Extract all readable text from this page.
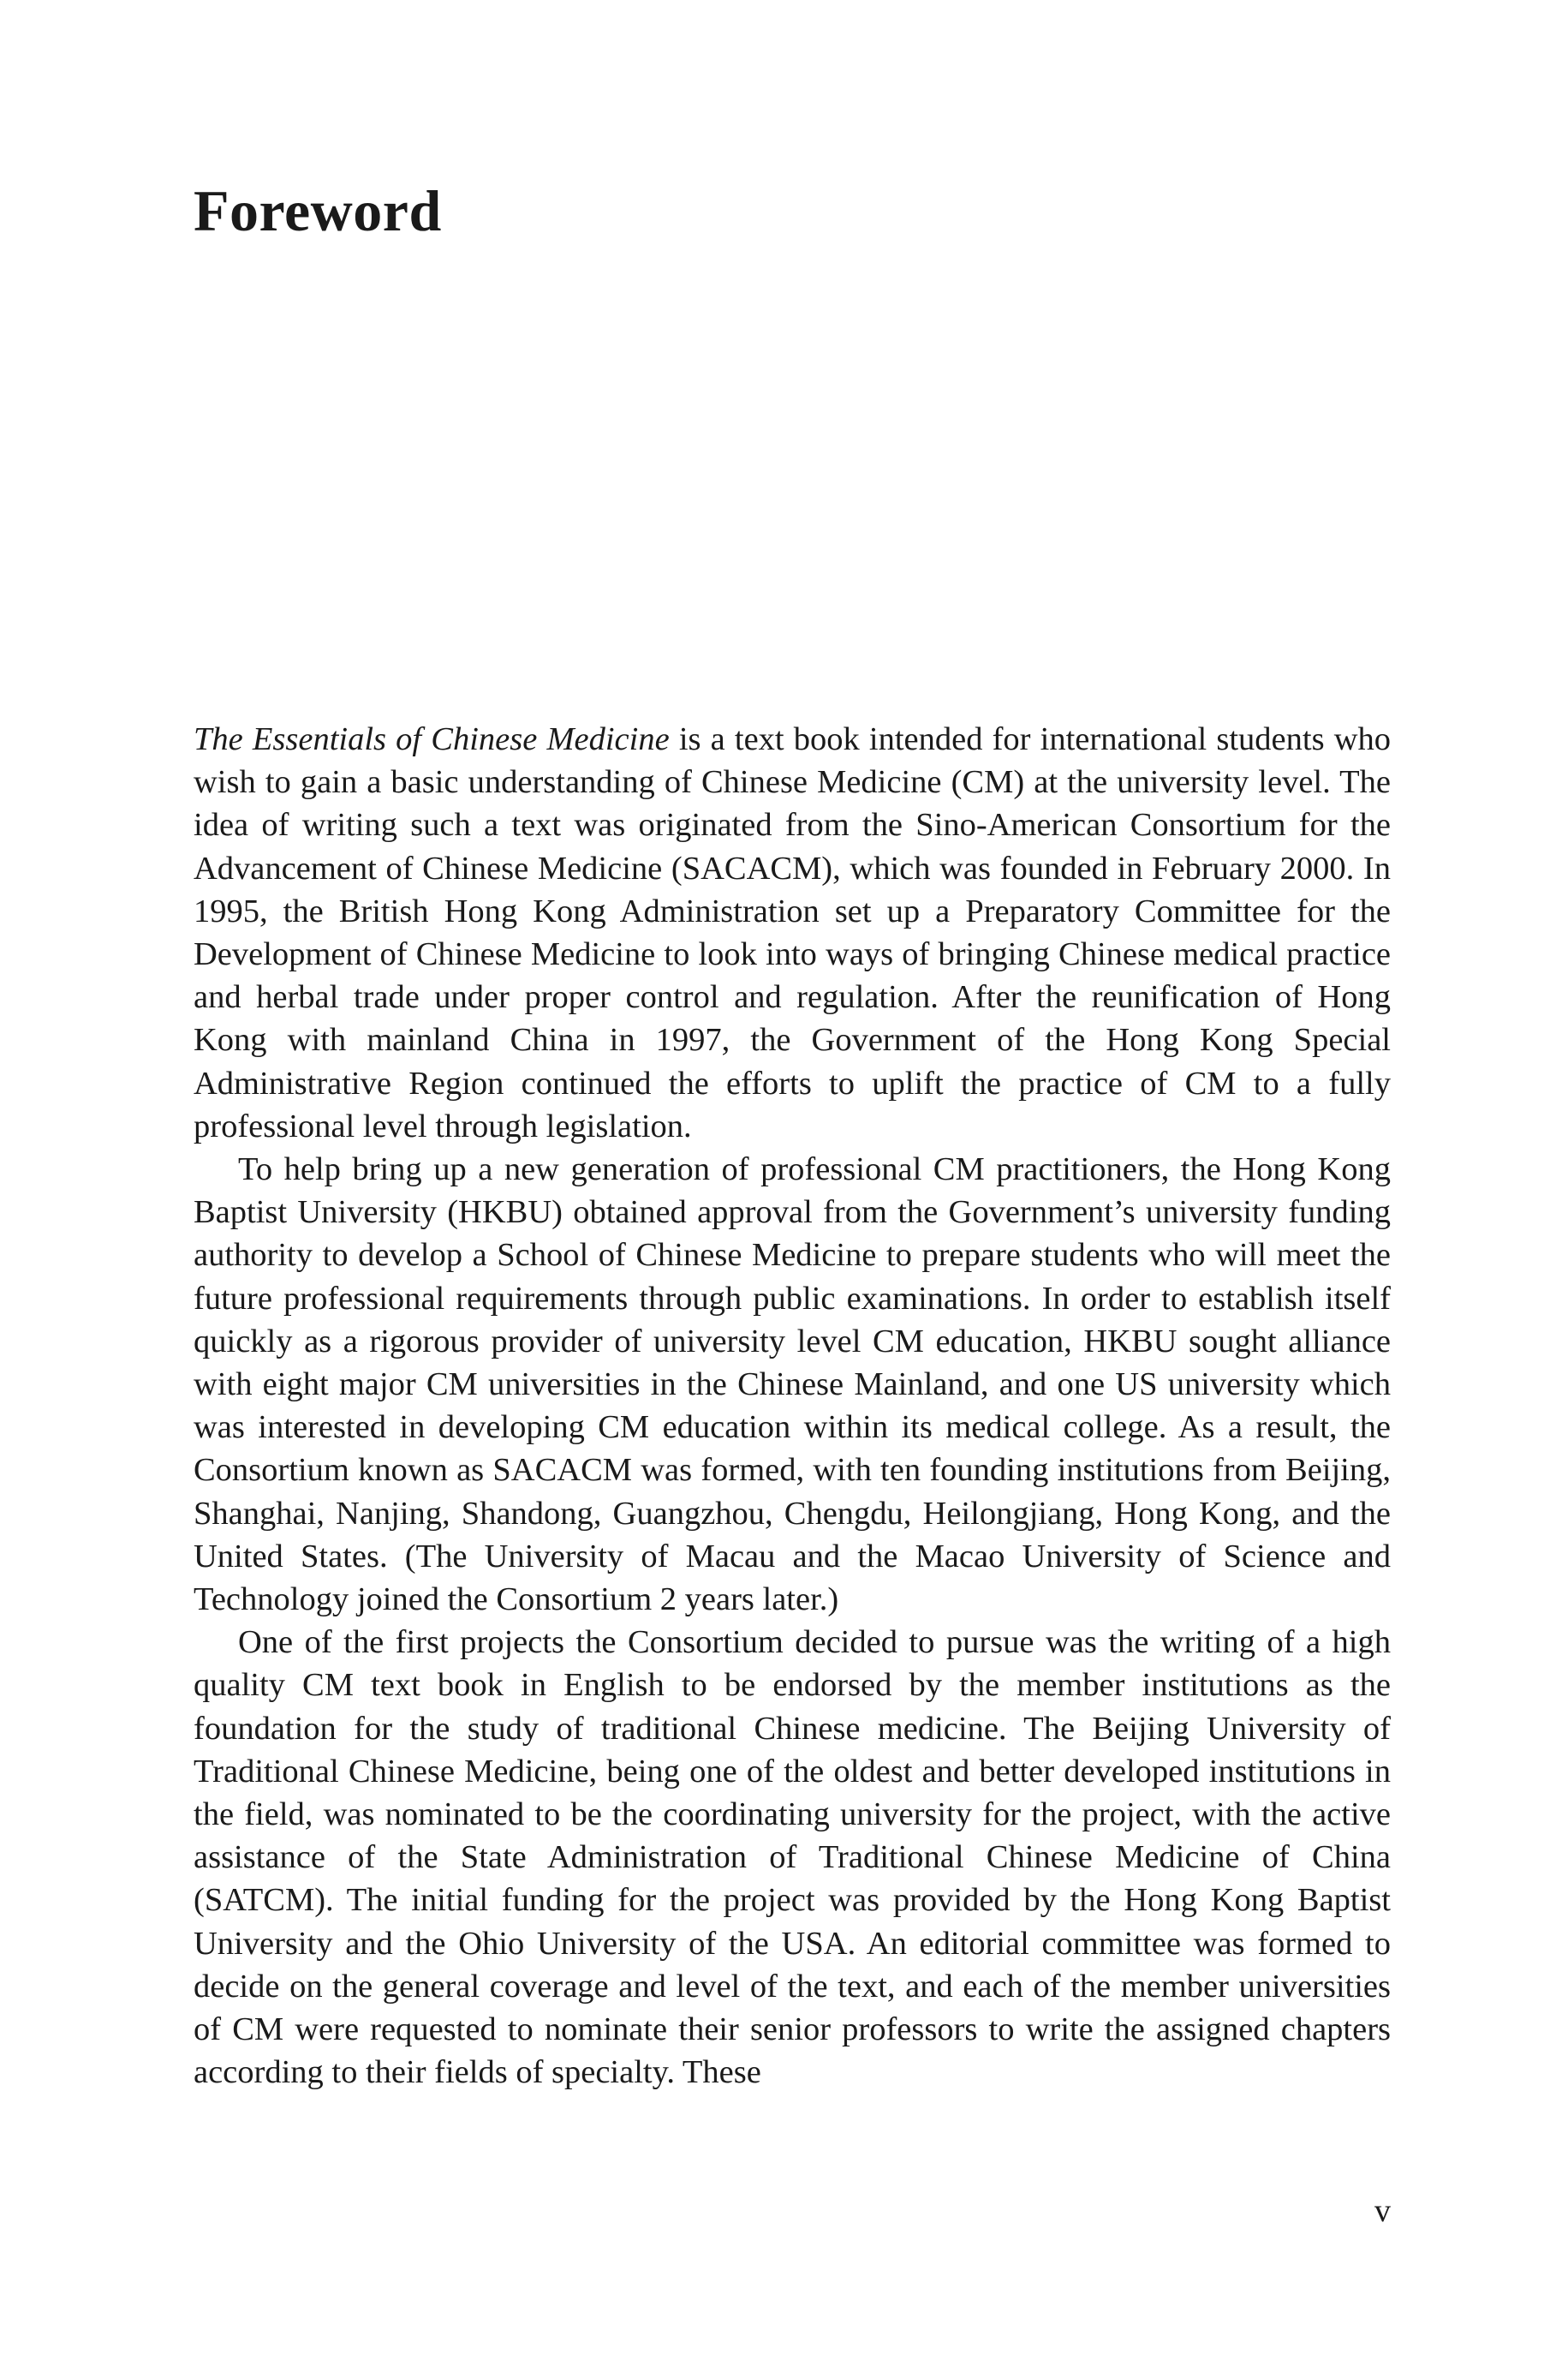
Foreword

The Essentials of Chinese Medicine is a text book intended for international students who wish to gain a basic understanding of Chinese Medicine (CM) at the university level. The idea of writing such a text was originated from the Sino-American Consortium for the Advancement of Chinese Medicine (SACACM), which was founded in February 2000. In 1995, the British Hong Kong Administration set up a Preparatory Committee for the Development of Chinese Medicine to look into ways of bringing Chinese medical practice and herbal trade under proper control and regulation. After the reunification of Hong Kong with mainland China in 1997, the Government of the Hong Kong Special Administrative Region continued the efforts to uplift the practice of CM to a fully professional level through legislation.

To help bring up a new generation of professional CM practitioners, the Hong Kong Baptist University (HKBU) obtained approval from the Government’s university funding authority to develop a School of Chinese Medicine to prepare students who will meet the future professional requirements through public examinations. In order to establish itself quickly as a rigorous provider of university level CM education, HKBU sought alliance with eight major CM universities in the Chinese Mainland, and one US university which was interested in developing CM education within its medical college. As a result, the Consortium known as SACACM was formed, with ten founding institutions from Beijing, Shanghai, Nanjing, Shandong, Guangzhou, Chengdu, Heilongjiang, Hong Kong, and the United States. (The University of Macau and the Macao University of Science and Technology joined the Consortium 2 years later.)

One of the first projects the Consortium decided to pursue was the writing of a high quality CM text book in English to be endorsed by the member institutions as the foundation for the study of traditional Chinese medicine. The Beijing University of Traditional Chinese Medicine, being one of the oldest and better developed institutions in the field, was nominated to be the coordinating university for the project, with the active assistance of the State Administration of Traditional Chinese Medicine of China (SATCM). The initial funding for the project was provided by the Hong Kong Baptist University and the Ohio University of the USA. An editorial committee was formed to decide on the general coverage and level of the text, and each of the member universities of CM were requested to nominate their senior professors to write the assigned chapters according to their fields of specialty. These

v
